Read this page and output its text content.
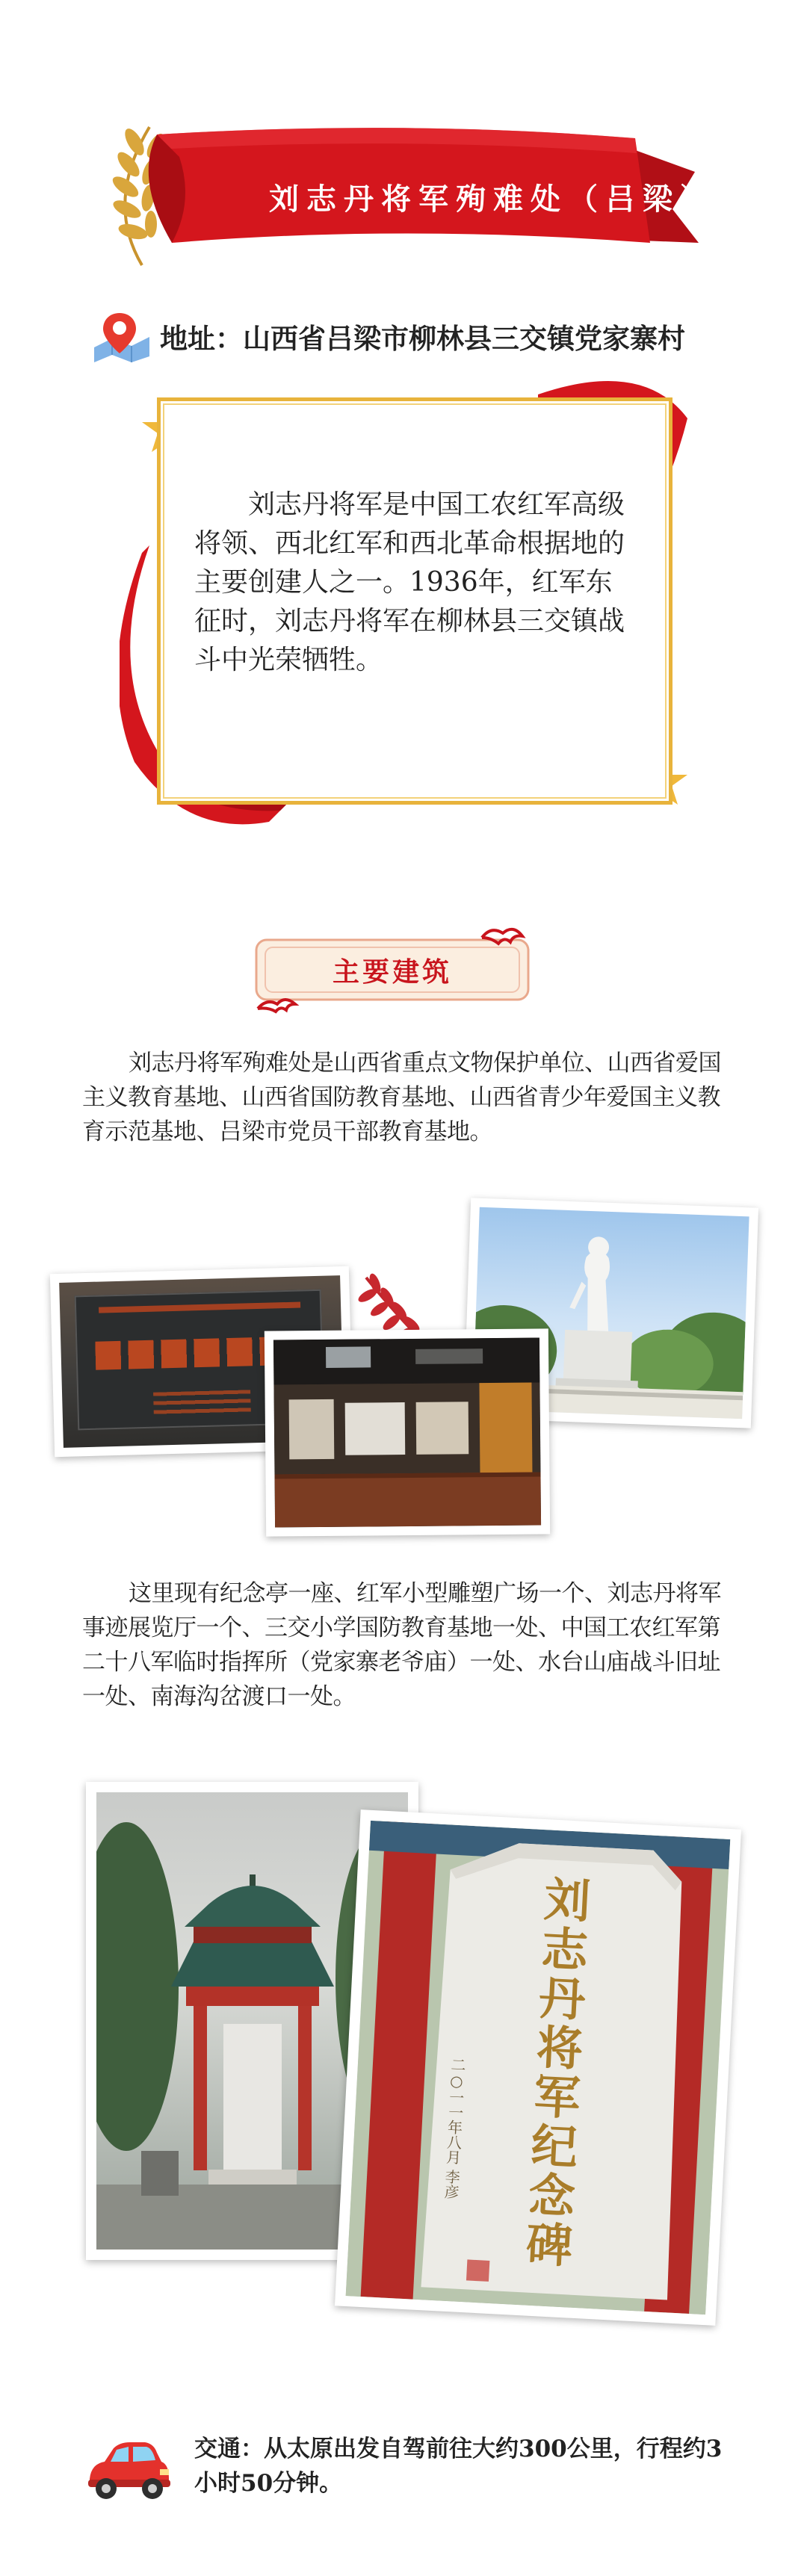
刘志丹将军殉难处（吕梁）
地址：山西省吕梁市柳林县三交镇党家寨村
刘志丹将军是中国工农红军高级将领、西北红军和西北革命根据地的主要创建人之一。1936年，红军东征时，刘志丹将军在柳林县三交镇战斗中光荣牺牲。
主要建筑
刘志丹将军殉难处是山西省重点文物保护单位、山西省爱国主义教育基地、山西省国防教育基地、山西省青少年爱国主义教育示范基地、吕梁市党员干部教育基地。
这里现有纪念亭一座、红军小型雕塑广场一个、刘志丹将军事迹展览厅一个、三交小学国防教育基地一处、中国工农红军第二十八军临时指挥所（党家寨老爷庙）一处、水台山庙战斗旧址一处、南海沟岔渡口一处。
刘志丹将军纪念碑
二○一一年八月 李彦
交通：从太原出发自驾前往大约300公里，行程约3小时50分钟。
